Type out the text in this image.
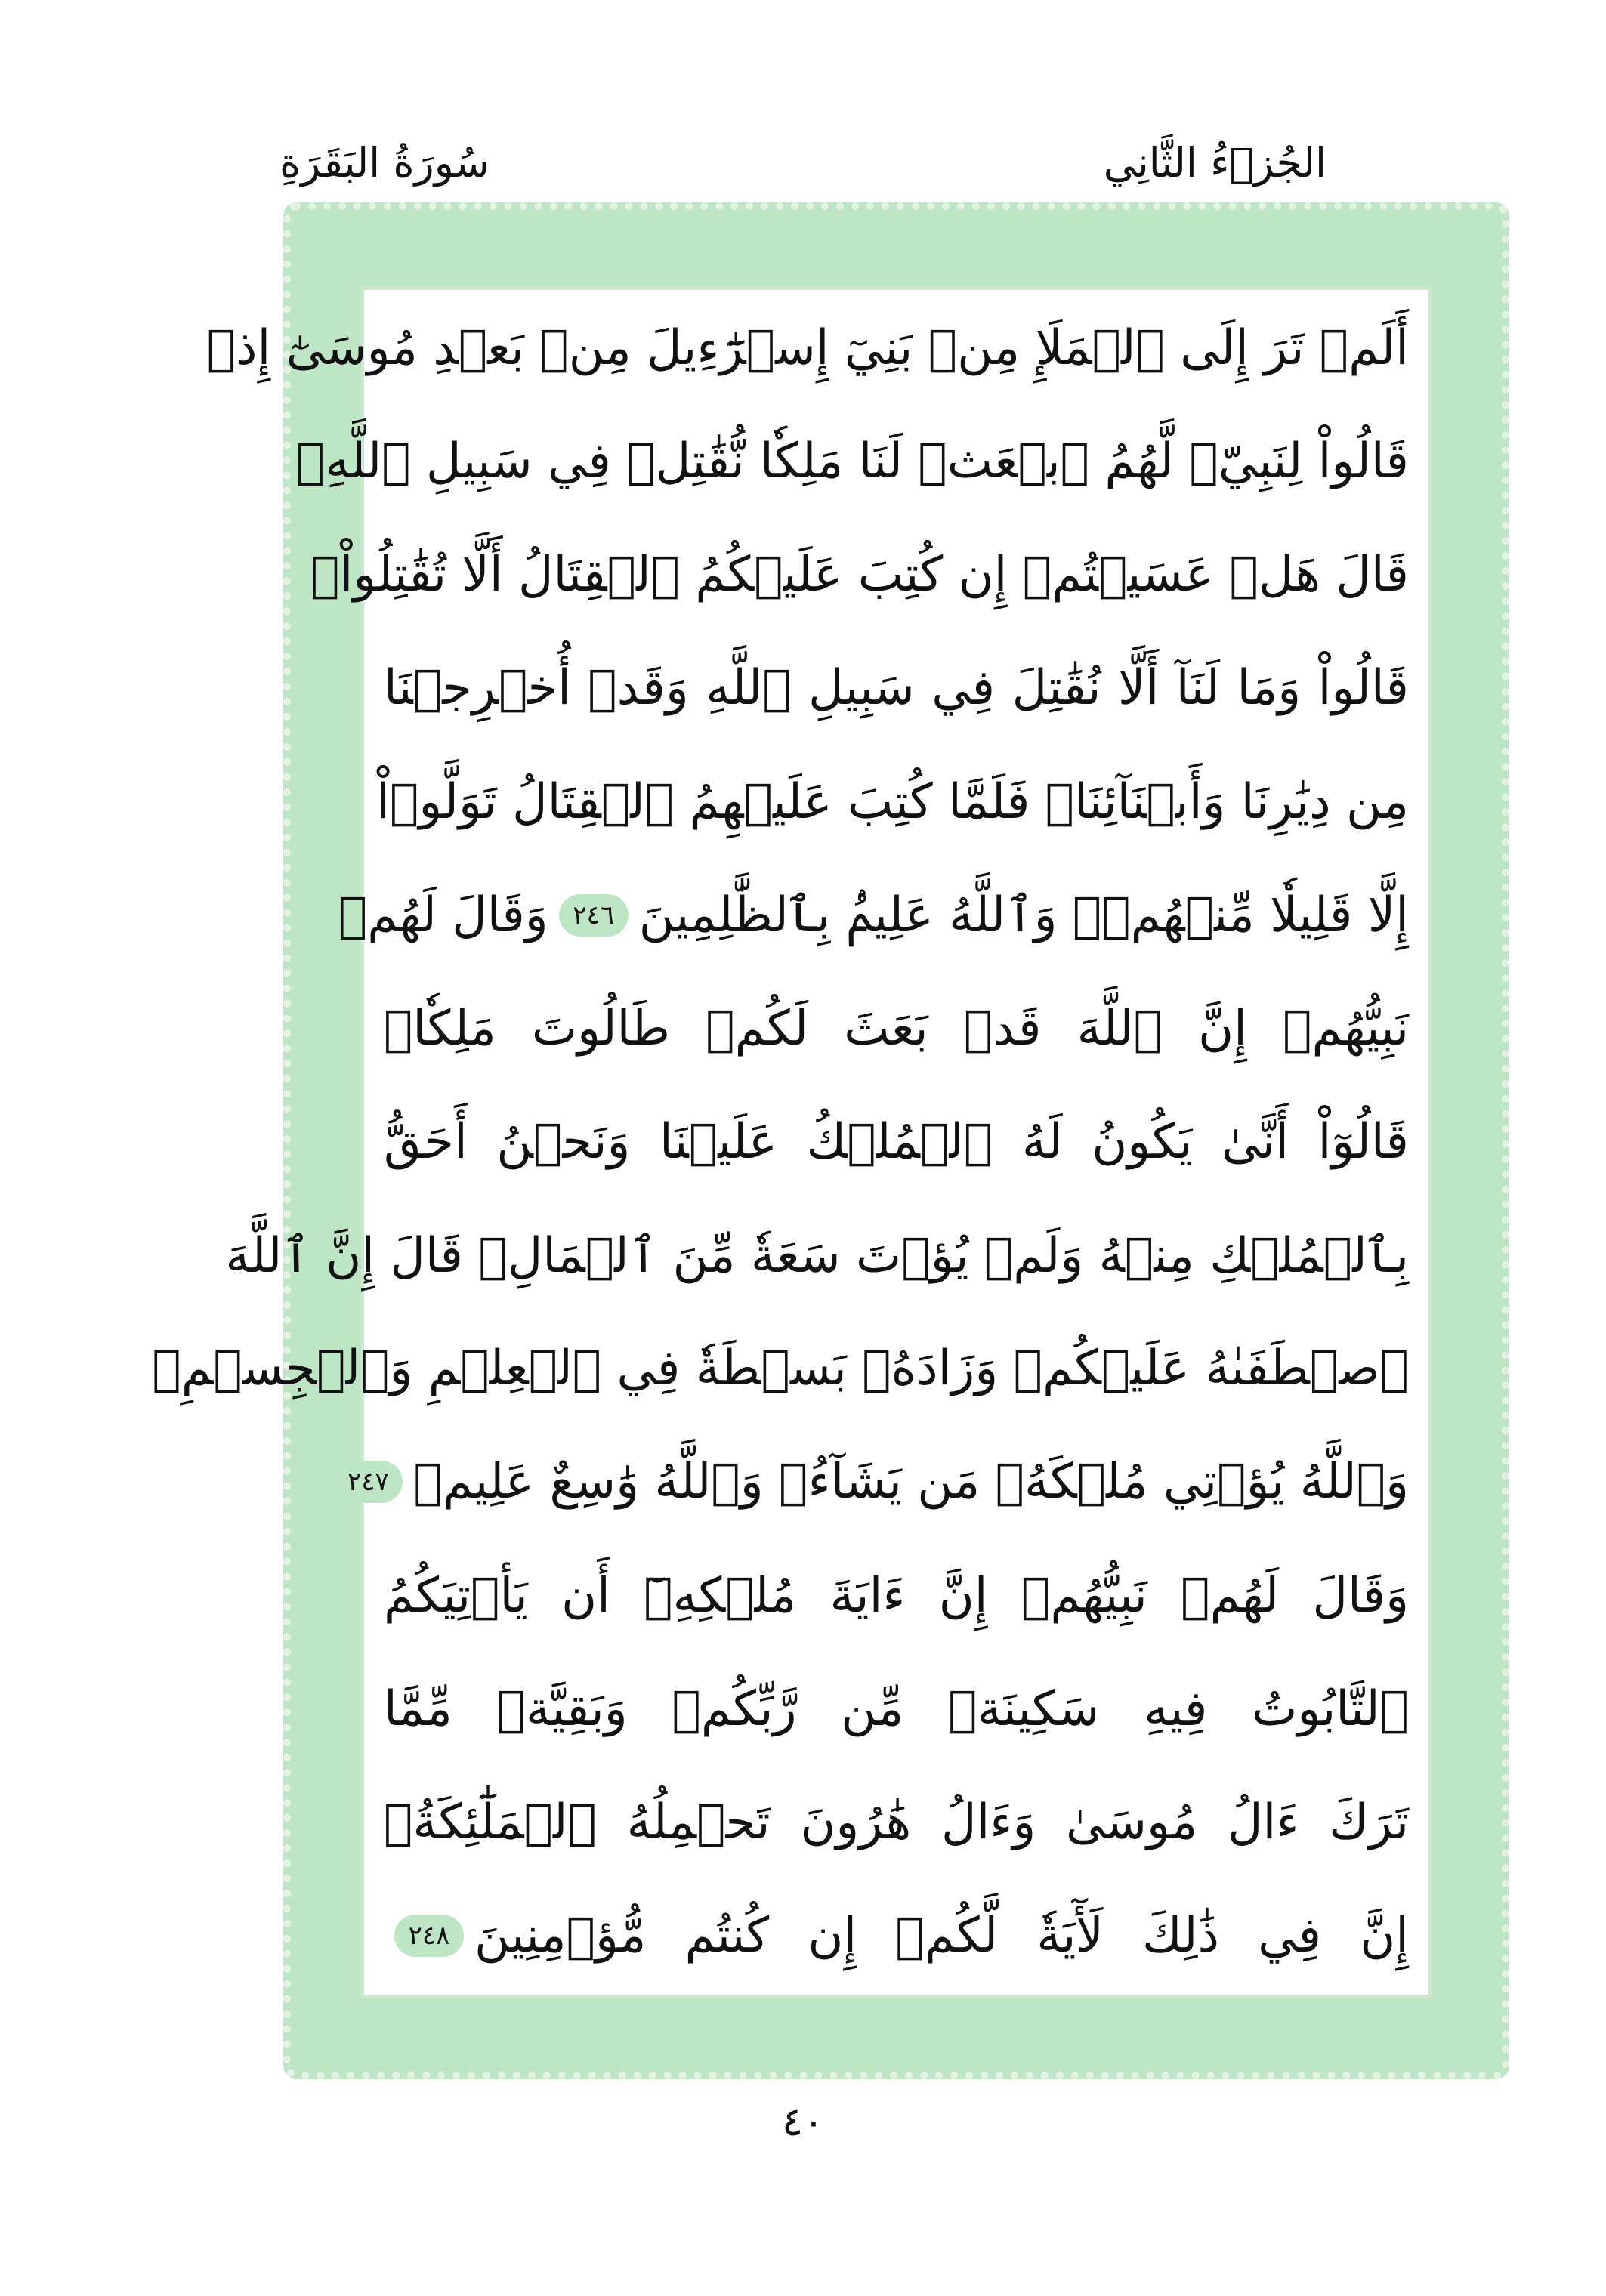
الجُزۡءُ الثَّانِي
سُورَةُ البَقَرَةِ
أَلَمۡ تَرَ إِلَى ٱلۡمَلَإِ مِنۢ بَنِيٓ إِسۡرَٰٓءِيلَ مِنۢ بَعۡدِ مُوسَىٰٓ إِذۡ
قَالُواْ لِنَبِيّٖ لَّهُمُ ٱبۡعَثۡ لَنَا مَلِكٗا نُّقَٰتِلۡ فِي سَبِيلِ ٱللَّهِۖ
قَالَ هَلۡ عَسَيۡتُمۡ إِن كُتِبَ عَلَيۡكُمُ ٱلۡقِتَالُ أَلَّا تُقَٰتِلُواْۖ
قَالُواْ وَمَا لَنَآ أَلَّا نُقَٰتِلَ فِي سَبِيلِ ٱللَّهِ وَقَدۡ أُخۡرِجۡنَا
مِن دِيَٰرِنَا وَأَبۡنَآئِنَاۖ فَلَمَّا كُتِبَ عَلَيۡهِمُ ٱلۡقِتَالُ تَوَلَّوۡاْ
إِلَّا قَلِيلٗا مِّنۡهُمۡۚ وَٱللَّهُ عَلِيمُۢ بِٱلظَّٰلِمِينَ
٢٤٦
وَقَالَ لَهُمۡ
نَبِيُّهُمۡ إِنَّ ٱللَّهَ قَدۡ بَعَثَ لَكُمۡ طَالُوتَ مَلِكٗاۚ
قَالُوٓاْ أَنَّىٰ يَكُونُ لَهُ ٱلۡمُلۡكُ عَلَيۡنَا وَنَحۡنُ أَحَقُّ
بِٱلۡمُلۡكِ مِنۡهُ وَلَمۡ يُؤۡتَ سَعَةٗ مِّنَ ٱلۡمَالِۚ قَالَ إِنَّ ٱللَّهَ
ٱصۡطَفَىٰهُ عَلَيۡكُمۡ وَزَادَهُۥ بَسۡطَةٗ فِي ٱلۡعِلۡمِ وَٱلۡجِسۡمِۖ
وَٱللَّهُ يُؤۡتِي مُلۡكَهُۥ مَن يَشَآءُۚ وَٱللَّهُ وَٰسِعٌ عَلِيمٞ
٢٤٧
وَقَالَ لَهُمۡ نَبِيُّهُمۡ إِنَّ ءَايَةَ مُلۡكِهِۦٓ أَن يَأۡتِيَكُمُ
ٱلتَّابُوتُ فِيهِ سَكِينَةٞ مِّن رَّبِّكُمۡ وَبَقِيَّةٞ مِّمَّا
تَرَكَ ءَالُ مُوسَىٰ وَءَالُ هَٰرُونَ تَحۡمِلُهُ ٱلۡمَلَٰٓئِكَةُۚ
إِنَّ فِي ذَٰلِكَ لَأٓيَةٗ لَّكُمۡ إِن كُنتُم مُّؤۡمِنِينَ
٢٤٨
٤٠
